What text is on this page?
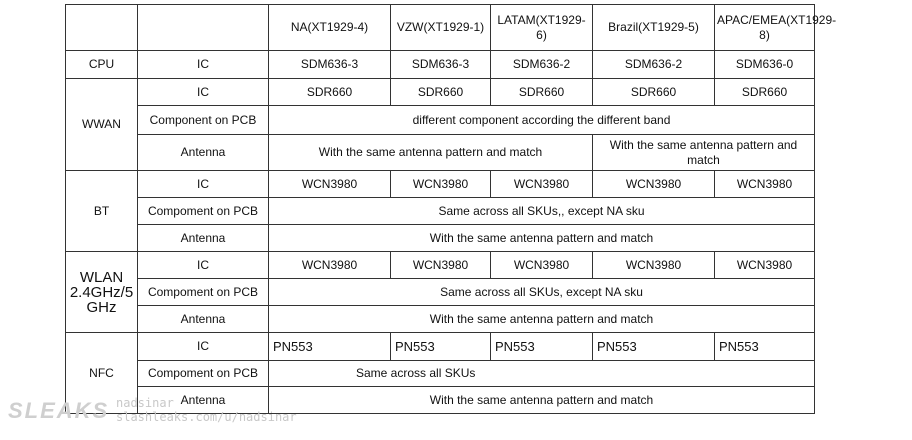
		NA(XT1929-4)	VZW(XT1929-1)	LATAM(XT1929-6)	Brazil(XT1929-5)	APAC/EMEA(XT1929-8)
CPU	IC	SDM636-3	SDM636-3	SDM636-2	SDM636-2	SDM636-0
WWAN	IC	SDR660	SDR660	SDR660	SDR660	SDR660
	Component on PCB	different component according the different band				
	Antenna	With the same antenna pattern and match			With the same antenna pattern and match	
BT	IC	WCN3980	WCN3980	WCN3980	WCN3980	WCN3980
	Compoment on PCB	Same across all SKUs,, except NA sku				
	Antenna	With the same antenna pattern and match				
WLAN 2.4GHz/5 GHz	IC	WCN3980	WCN3980	WCN3980	WCN3980	WCN3980
	Compoment on PCB	Same across all SKUs, except NA sku				
	Antenna	With the same antenna pattern and match				
NFC	IC	PN553	PN553	PN553	PN553	PN553
	Compoment on PCB	Same across all SKUs				
	Antenna	With the same antenna pattern and match				
SLEAKS nadsinar
slashleaks.com/u/nadsinar
